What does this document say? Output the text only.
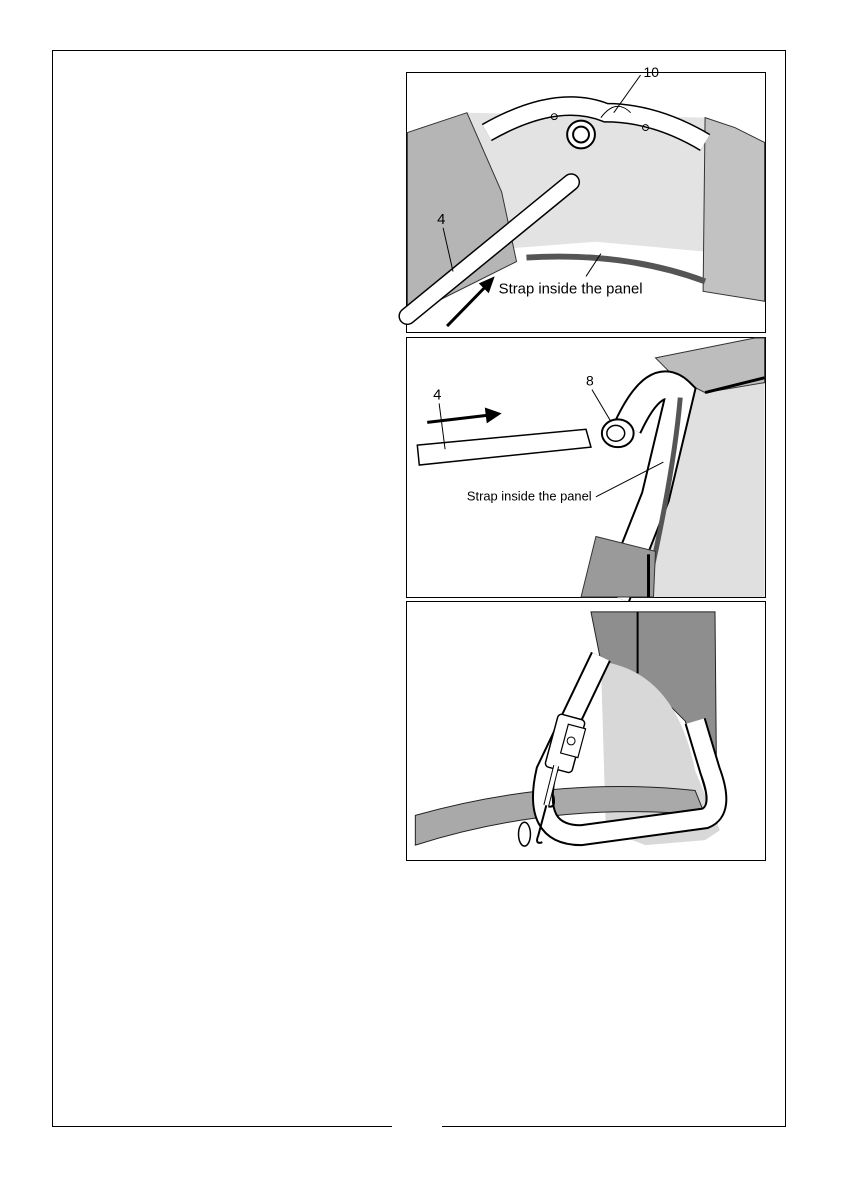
10
4
Strap inside the panel
8
4
Strap inside the panel
